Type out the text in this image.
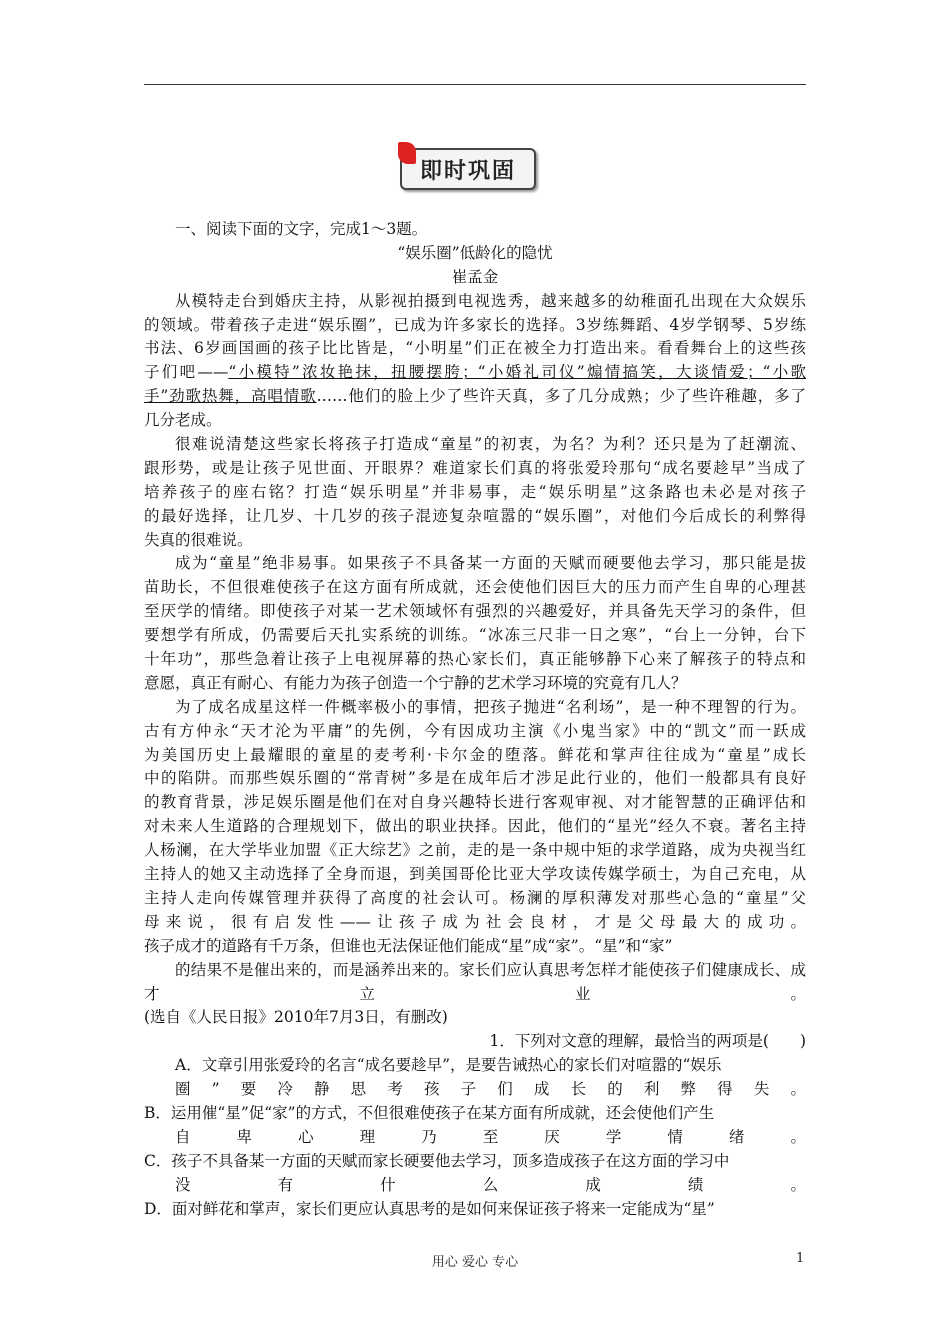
即时巩固
一、阅读下面的文字，完成1～3题。
“娱乐圈”低龄化的隐忧
崔孟金
从模特走台到婚庆主持，从影视拍摄到电视选秀，越来越多的幼稚面孔出现在大众娱乐
的领域。带着孩子走进“娱乐圈”，已成为许多家长的选择。3岁练舞蹈、4岁学钢琴、5岁练
书法、6岁画国画的孩子比比皆是，“小明星”们正在被全力打造出来。看看舞台上的这些孩
子们吧——“小模特”浓妆艳抹，扭腰摆胯；“小婚礼司仪”煽情搞笑，大谈情爱；“小歌
手”劲歌热舞，高唱情歌……他们的脸上少了些许天真，多了几分成熟；少了些许稚趣，多了
几分老成。
很难说清楚这些家长将孩子打造成“童星”的初衷，为名？为利？还只是为了赶潮流、
跟形势，或是让孩子见世面、开眼界？难道家长们真的将张爱玲那句“成名要趁早”当成了
培养孩子的座右铭？打造“娱乐明星”并非易事，走“娱乐明星”这条路也未必是对孩子
的最好选择，让几岁、十几岁的孩子混迹复杂喧嚣的“娱乐圈”，对他们今后成长的利弊得
失真的很难说。
成为“童星”绝非易事。如果孩子不具备某一方面的天赋而硬要他去学习，那只能是拔
苗助长，不但很难使孩子在这方面有所成就，还会使他们因巨大的压力而产生自卑的心理甚
至厌学的情绪。即使孩子对某一艺术领域怀有强烈的兴趣爱好，并具备先天学习的条件，但
要想学有所成，仍需要后天扎实系统的训练。“冰冻三尺非一日之寒”，“台上一分钟，台下
十年功”，那些急着让孩子上电视屏幕的热心家长们，真正能够静下心来了解孩子的特点和
意愿，真正有耐心、有能力为孩子创造一个宁静的艺术学习环境的究竟有几人？
为了成名成星这样一件概率极小的事情，把孩子抛进“名利场”，是一种不理智的行为。
古有方仲永“天才沦为平庸”的先例，今有因成功主演《小鬼当家》中的“凯文”而一跃成
为美国历史上最耀眼的童星的麦考利·卡尔金的堕落。鲜花和掌声往往成为“童星”成长
中的陷阱。而那些娱乐圈的“常青树”多是在成年后才涉足此行业的，他们一般都具有良好
的教育背景，涉足娱乐圈是他们在对自身兴趣特长进行客观审视、对才能智慧的正确评估和
对未来人生道路的合理规划下，做出的职业抉择。因此，他们的“星光”经久不衰。著名主持
人杨澜，在大学毕业加盟《正大综艺》之前，走的是一条中规中矩的求学道路，成为央视当红
主持人的她又主动选择了全身而退，到美国哥伦比亚大学攻读传媒学硕士，为自己充电，从
主持人走向传媒管理并获得了高度的社会认可。杨澜的厚积薄发对那些心急的“童星”父
母来说，很有启发性——让孩子成为社会良材，才是父母最大的成功。
孩子成才的道路有千万条，但谁也无法保证他们能成“星”成“家”。“星”和“家”
的结果不是催出来的，而是涵养出来的。家长们应认真思考怎样才能使孩子们健康成长、成
才立业。
(选自《人民日报》2010年7月3日，有删改)
1．下列对文意的理解，最恰当的两项是(　　)
A．文章引用张爱玲的名言“成名要趁早”，是要告诫热心的家长们对喧嚣的“娱乐
圈”要冷静思考孩子们成长的利弊得失。
B．运用催“星”促“家”的方式，不但很难使孩子在某方面有所成就，还会使他们产生
自卑心理乃至厌学情绪。
C．孩子不具备某一方面的天赋而家长硬要他去学习，顶多造成孩子在这方面的学习中
没有什么成绩。
D．面对鲜花和掌声，家长们更应认真思考的是如何来保证孩子将来一定能成为“星”
用心 爱心 专心	1
